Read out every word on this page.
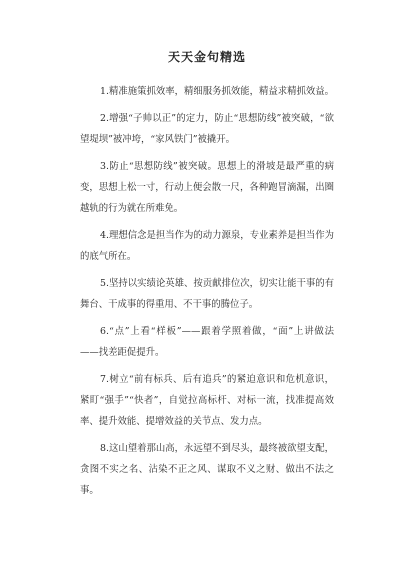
天天金句精选

1.精准施策抓效率，精细服务抓效能，精益求精抓效益。

2.增强“子帅以正”的定力，防止“思想防线”被突破，“欲望堤坝”被冲垮，“家风铁门”被撬开。

3.防止“思想防线”被突破。思想上的滑坡是最严重的病变，思想上松一寸，行动上便会散一尺，各种跑冒滴漏，出圈越轨的行为就在所难免。

4.理想信念是担当作为的动力源泉，专业素养是担当作为的底气所在。

5.坚持以实绩论英雄、按贡献排位次，切实让能干事的有舞台、干成事的得重用、不干事的腾位子。

6.“点”上看“样板”——跟着学照着做，“面”上讲做法——找差距促提升。

7.树立“前有标兵、后有追兵”的紧迫意识和危机意识，紧盯“强手”“快者”，自觉拉高标杆、对标一流，找准提高效率、提升效能、提增效益的关节点、发力点。

8.这山望着那山高，永远望不到尽头，最终被欲望支配，贪图不实之名、沾染不正之风、谋取不义之财、做出不法之事。
